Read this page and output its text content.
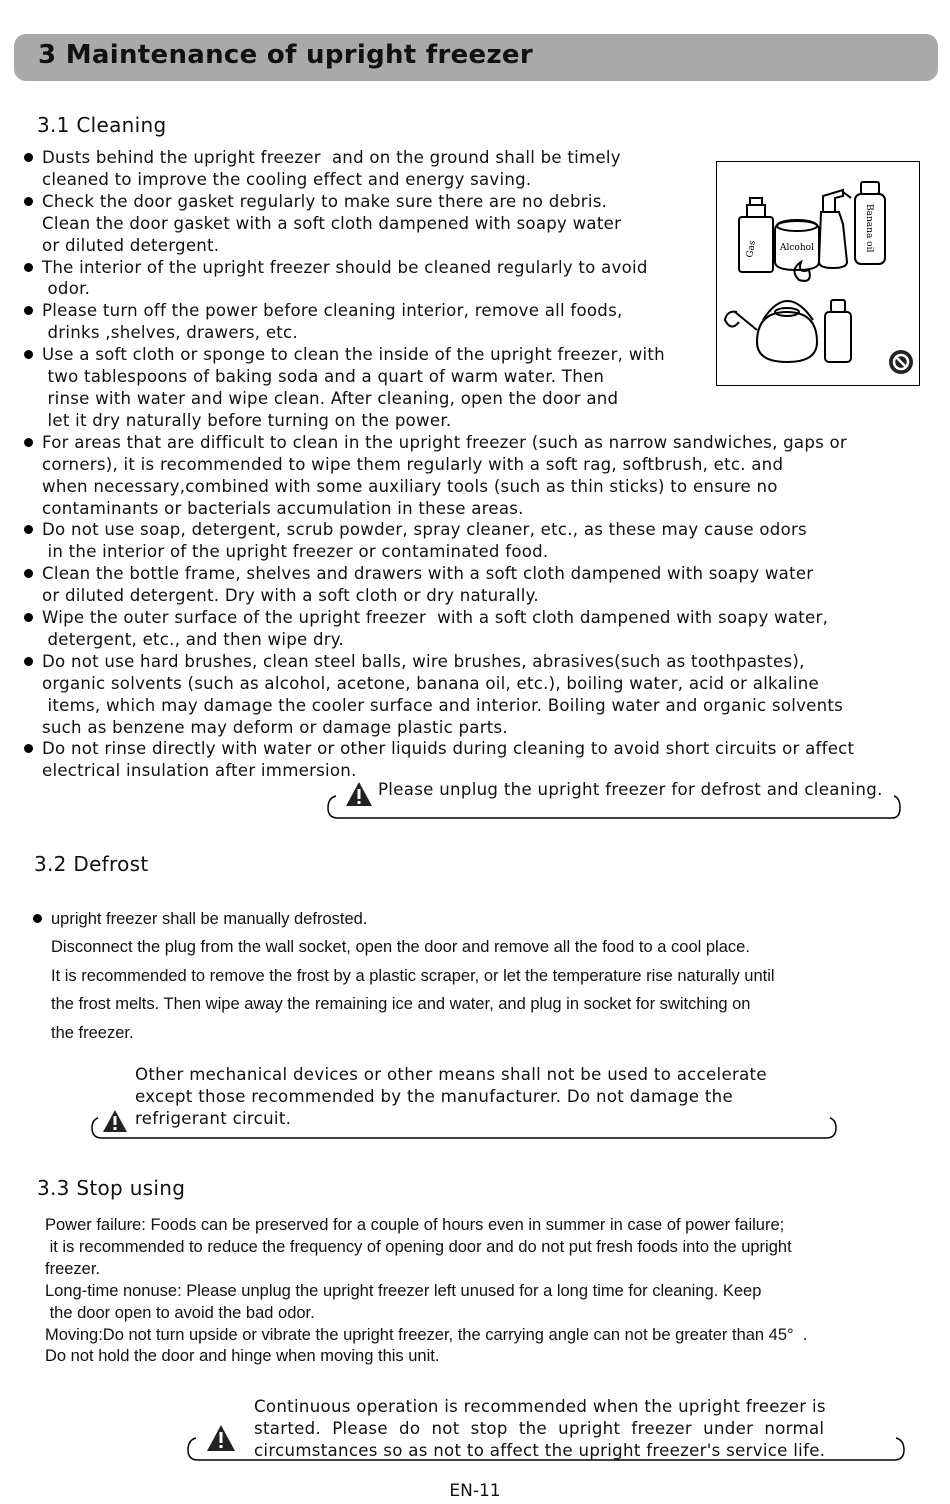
3 Maintenance of upright freezer
3.1 Cleaning
Dusts behind the upright freezer  and on the ground shall be timely
cleaned to improve the cooling effect and energy saving.
Check the door gasket regularly to make sure there are no debris.
Clean the door gasket with a soft cloth dampened with soapy water
or diluted detergent.
The interior of the upright freezer should be cleaned regularly to avoid
odor.
Please turn off the power before cleaning interior, remove all foods,
drinks ,shelves, drawers, etc.
Use a soft cloth or sponge to clean the inside of the upright freezer, with
two tablespoons of baking soda and a quart of warm water. Then
rinse with water and wipe clean. After cleaning, open the door and
let it dry naturally before turning on the power.
For areas that are difficult to clean in the upright freezer (such as narrow sandwiches, gaps or
corners), it is recommended to wipe them regularly with a soft rag, softbrush, etc. and
when necessary,combined with some auxiliary tools (such as thin sticks) to ensure no
contaminants or bacterials accumulation in these areas.
Do not use soap, detergent, scrub powder, spray cleaner, etc., as these may cause odors
in the interior of the upright freezer or contaminated food.
Clean the bottle frame, shelves and drawers with a soft cloth dampened with soapy water
or diluted detergent. Dry with a soft cloth or dry naturally.
Wipe the outer surface of the upright freezer  with a soft cloth dampened with soapy water,
detergent, etc., and then wipe dry.
Do not use hard brushes, clean steel balls, wire brushes, abrasives(such as toothpastes),
organic solvents (such as alcohol, acetone, banana oil, etc.), boiling water, acid or alkaline
items, which may damage the cooler surface and interior. Boiling water and organic solvents
such as benzene may deform or damage plastic parts.
Do not rinse directly with water or other liquids during cleaning to avoid short circuits or affect
electrical insulation after immersion.
Gas Alcohol	Banana oil
Please unplug the upright freezer for defrost and cleaning.
3.2 Defrost
upright freezer shall be manually defrosted.
Disconnect the plug from the wall socket, open the door and remove all the food to a cool place.
It is recommended to remove the frost by a plastic scraper, or let the temperature rise naturally until
the frost melts. Then wipe away the remaining ice and water, and plug in socket for switching on
the freezer.
Other mechanical devices or other means shall not be used to accelerate
except those recommended by the manufacturer. Do not damage the
refrigerant circuit.
3.3 Stop using
Power failure: Foods can be preserved for a couple of hours even in summer in case of power failure;
it is recommended to reduce the frequency of opening door and do not put fresh foods into the upright
freezer.
Long-time nonuse: Please unplug the upright freezer left unused for a long time for cleaning. Keep
the door open to avoid the bad odor.
Moving:Do not turn upside or vibrate the upright freezer, the carrying angle can not be greater than 45°  .
Do not hold the door and hinge when moving this unit.
Continuous operation is recommended when the upright freezer is
started.  Please  do  not  stop  the  upright  freezer  under  normal
circumstances so as not to affect the upright freezer's service life.
EN-11
